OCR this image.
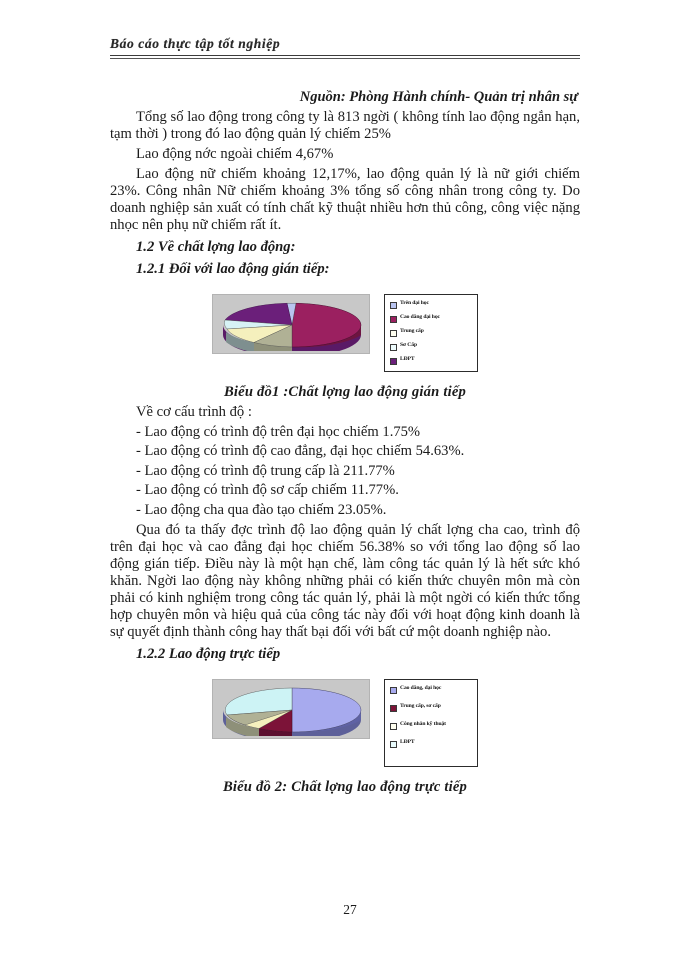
Báo cáo thực tập tốt nghiệp
Nguồn: Phòng Hành chính- Quản trị nhân sự

Tổng số lao động trong công ty là 813 ngời ( không tính lao động ngắn hạn, tạm thời ) trong đó lao động quản lý chiếm 25%

Lao động nớc ngoài chiếm 4,67%

Lao động nữ chiếm khoảng 12,17%, lao động quản lý là nữ giới chiếm 23%. Công nhân Nữ chiếm khoảng 3% tổng số công nhân trong công ty. Do doanh nghiệp sản xuất có tính chất kỹ thuật nhiều hơn thủ công, công việc nặng nhọc nên phụ nữ chiếm rất ít.

1.2 Về chất lợng lao động:

1.2.1 Đối với lao động gián tiếp:

Trên đại học
Cao đẳng đại học
Trung cấp
Sơ Cấp
LĐPT

Biểu đồ1 :Chất lợng lao động gián tiếp

Về cơ cấu trình độ :

- Lao động có trình độ trên đại học chiếm 1.75%

- Lao động có trình độ cao đẳng, đại học chiếm 54.63%.

- Lao động có trình độ trung cấp là 211.77%

- Lao động có trình độ sơ cấp chiếm 11.77%.

- Lao động cha qua đào tạo chiếm 23.05%.

Qua đó ta thấy đợc trình độ lao động quản lý chất lợng cha cao, trình độ trên đại học và cao đẳng đại học chiếm 56.38% so với tổng lao động số lao động gián tiếp. Điều này là một hạn chế, làm công tác quản lý là hết sức khó khăn. Ngời lao động này không những phải có kiến thức chuyên môn mà còn phải có kinh nghiệm trong công tác quản lý, phải là một ngời có kiến thức tổng hợp chuyên môn và hiệu quả của công tác này đối với hoạt động kinh doanh là sự quyết định thành công hay thất bại đối với bất cứ một doanh nghiệp nào.

1.2.2 Lao động trực tiếp

Cao đẳng, đại học
Trung cấp, sơ cấp
Công nhân kỹ thuật
LĐPT

Biểu đồ 2: Chất lợng lao động trực tiếp

27
